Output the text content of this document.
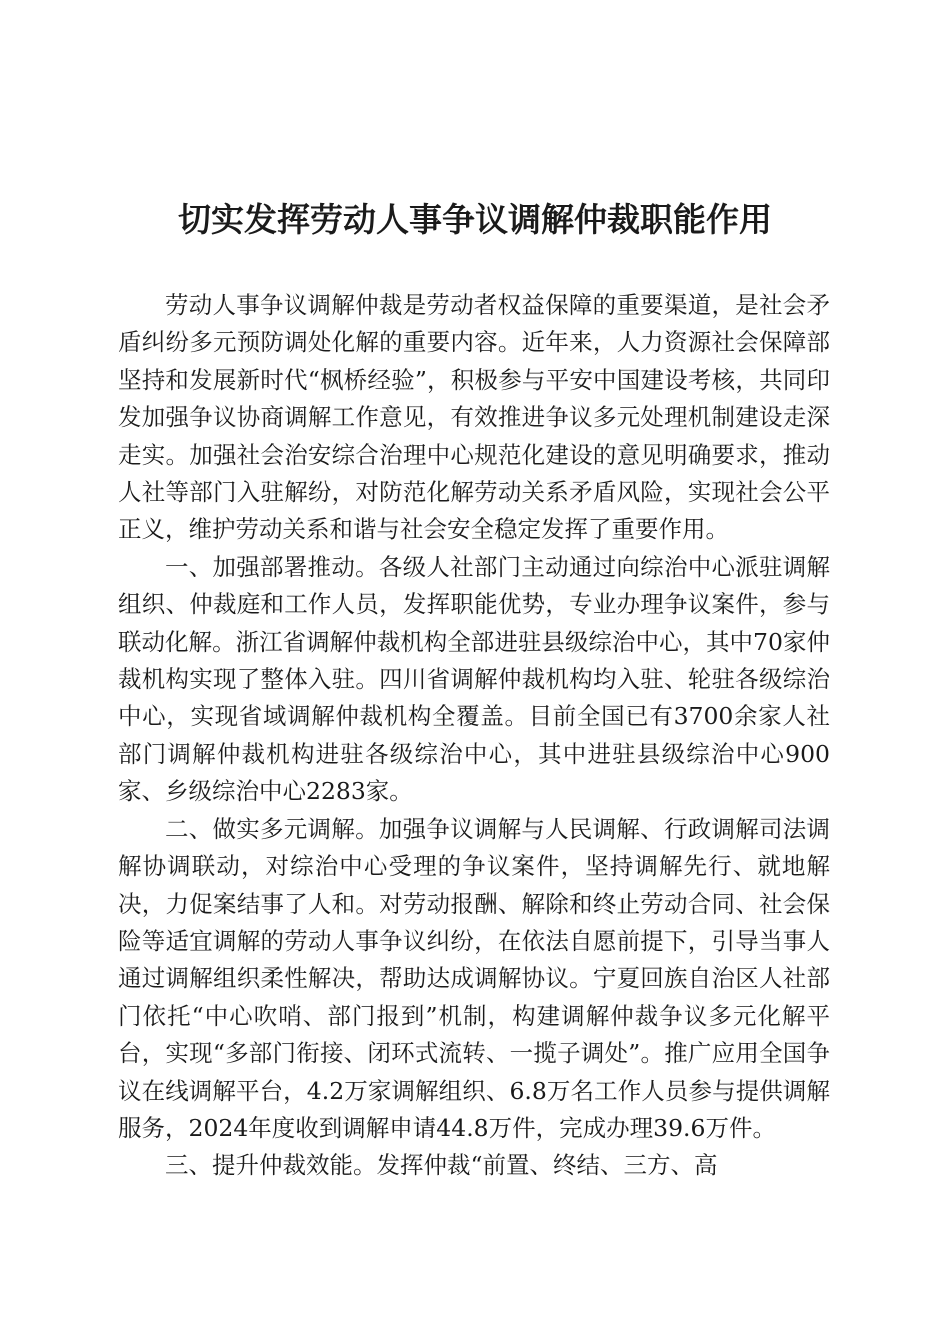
切实发挥劳动人事争议调解仲裁职能作用

劳动人事争议调解仲裁是劳动者权益保障的重要渠道，是社会矛盾纠纷多元预防调处化解的重要内容。近年来，人力资源社会保障部坚持和发展新时代“枫桥经验”，积极参与平安中国建设考核，共同印发加强争议协商调解工作意见，有效推进争议多元处理机制建设走深走实。加强社会治安综合治理中心规范化建设的意见明确要求，推动人社等部门入驻解纷，对防范化解劳动关系矛盾风险，实现社会公平正义，维护劳动关系和谐与社会安全稳定发挥了重要作用。

一、加强部署推动。各级人社部门主动通过向综治中心派驻调解组织、仲裁庭和工作人员，发挥职能优势，专业办理争议案件，参与联动化解。浙江省调解仲裁机构全部进驻县级综治中心，其中70家仲裁机构实现了整体入驻。四川省调解仲裁机构均入驻、轮驻各级综治中心，实现省域调解仲裁机构全覆盖。目前全国已有3700余家人社部门调解仲裁机构进驻各级综治中心，其中进驻县级综治中心900家、乡级综治中心2283家。

二、做实多元调解。加强争议调解与人民调解、行政调解司法调解协调联动，对综治中心受理的争议案件，坚持调解先行、就地解决，力促案结事了人和。对劳动报酬、解除和终止劳动合同、社会保险等适宜调解的劳动人事争议纠纷，在依法自愿前提下，引导当事人通过调解组织柔性解决，帮助达成调解协议。宁夏回族自治区人社部门依托“中心吹哨、部门报到”机制，构建调解仲裁争议多元化解平台，实现“多部门衔接、闭环式流转、一揽子调处”。推广应用全国争议在线调解平台，4.2万家调解组织、6.8万名工作人员参与提供调解服务，2024年度收到调解申请44.8万件，完成办理39.6万件。

三、提升仲裁效能。发挥仲裁“前置、终结、三方、高
